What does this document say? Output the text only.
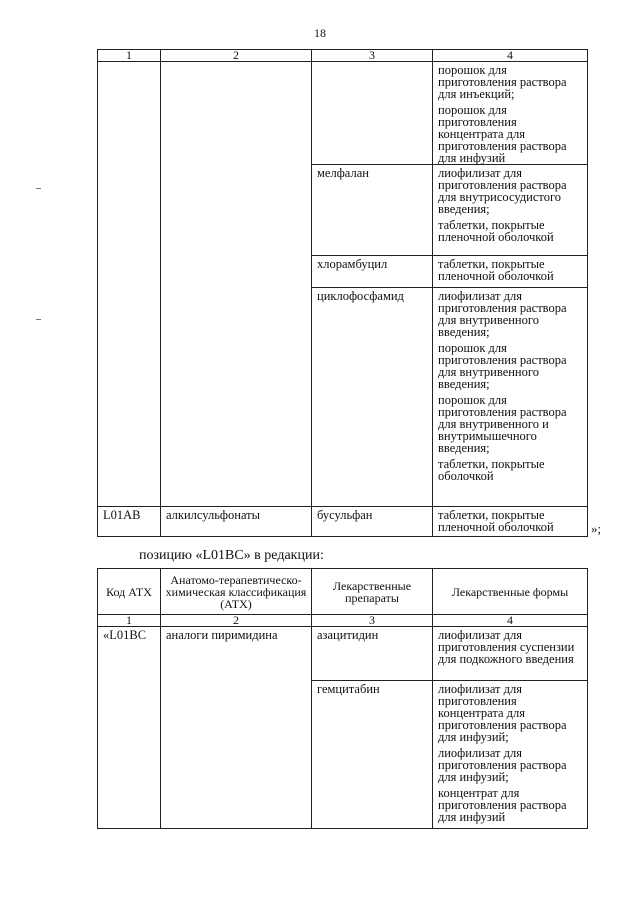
18
1	2	3	4

			порошок для приготовления раствора для инъекций;
порошок для приготовления концентрата для приготовления раствора для инфузий

		мелфалан	лиофилизат для приготовления раствора для внутрисосудистого введения;
таблетки, покрытые пленочной оболочкой

		хлорамбуцил	таблетки, покрытые пленочной оболочкой

		циклофосфамид	лиофилизат для приготовления раствора для внутривенного введения;
порошок для приготовления раствора для внутривенного введения;
порошок для приготовления раствора для внутривенного и внутримышечного введения;
таблетки, покрытые оболочкой

L01AB	алкилсульфонаты	бусульфан	таблетки, покрытые пленочной оболочкой	»;
позицию «L01BC» в редакции:
Код АТХ	Анатомо-терапевтическо-химическая классификация (АТХ)	Лекарственные препараты	Лекарственные формы
1	2	3	4
«L01BC	аналоги пиримидина	азацитидин	лиофилизат для приготовления суспензии для подкожного введения

		гемцитабин	лиофилизат для приготовления концентрата для приготовления раствора для инфузий;
лиофилизат для приготовления раствора для инфузий;
концентрат для приготовления раствора для инфузий
